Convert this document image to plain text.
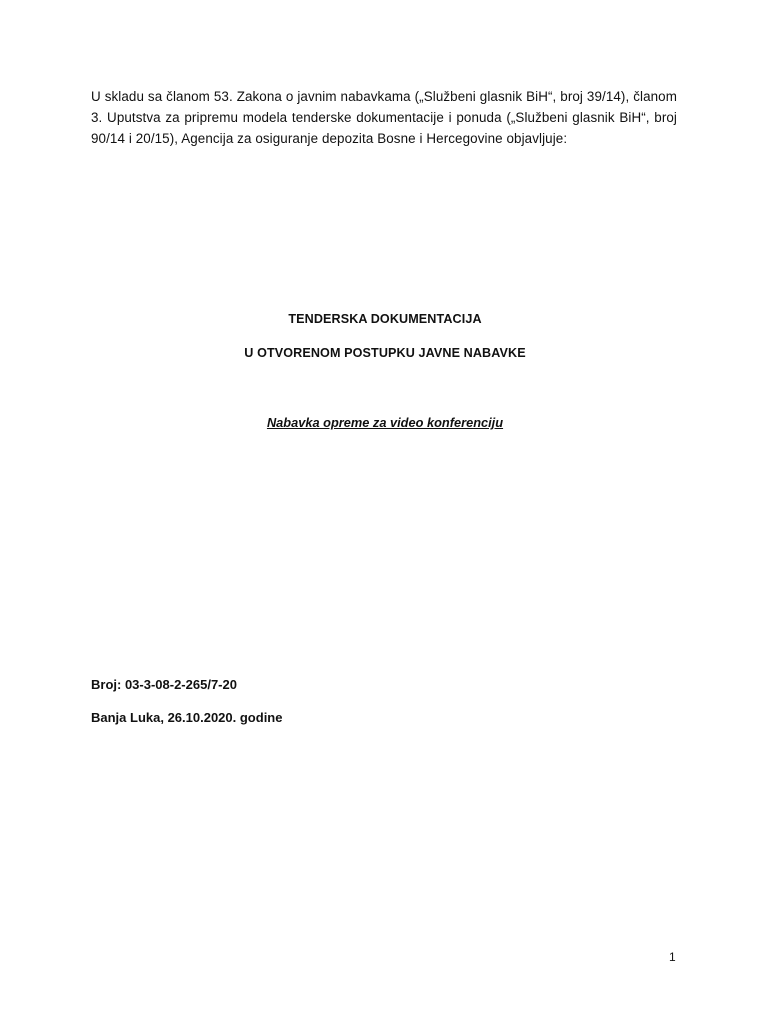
U skladu sa članom 53. Zakona o javnim nabavkama („Službeni glasnik BiH“, broj 39/14), članom 3. Uputstva za pripremu modela tenderske dokumentacije i ponuda („Službeni glasnik BiH“, broj 90/14 i 20/15), Agencija za osiguranje depozita Bosne i Hercegovine objavljuje:

TENDERSKA DOKUMENTACIJA

U OTVORENOM POSTUPKU JAVNE NABAVKE

Nabavka opreme za video konferenciju

Broj: 03-3-08-2-265/7-20

Banja Luka, 26.10.2020. godine

1
